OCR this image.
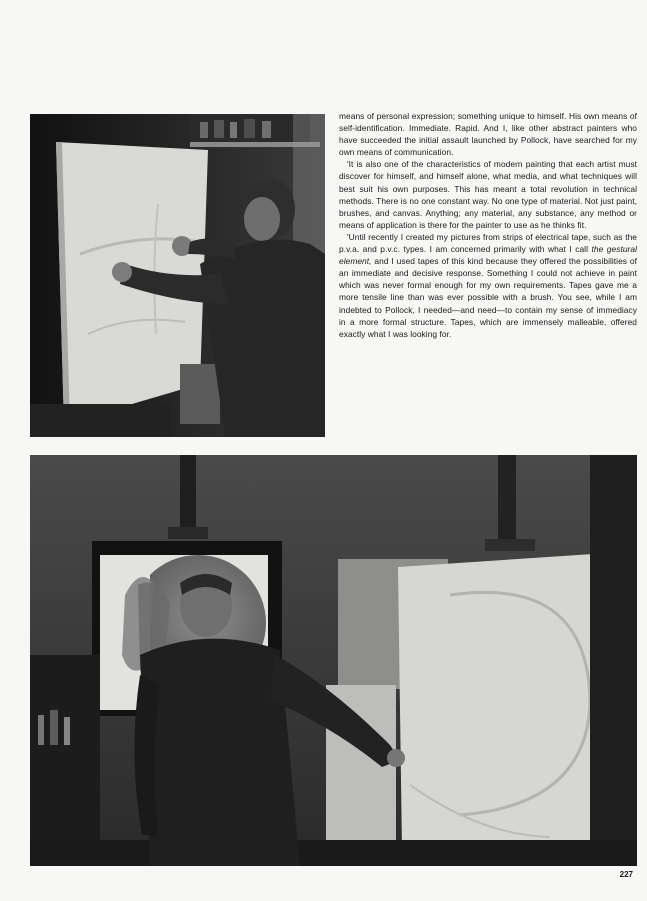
means of personal expression; something unique to himself. His own means of self-identification. Immediate. Rapid. And I, like other abstract painters who have succeeded the initial assault launched by Pollock, have searched for my own means of communication.

'It is also one of the characteristics of modern painting that each artist must discover for himself, and himself alone, what media, and what techniques will best suit his own purposes. This has meant a total revolution in technical methods. There is no one constant way. No one type of material. Not just paint, brushes, and canvas. Anything; any material, any substance, any method or means of application is there for the painter to use as he thinks fit.

'Until recently I created my pictures from strips of electrical tape, such as the p.v.a. and p.v.c. types. I am concerned primarily with what I call the gestural element, and I used tapes of this kind because they offered the possibilities of an immediate and decisive response. Something I could not achieve in paint which was never formal enough for my own requirements. Tapes gave me a more tensile line than was ever possible with a brush. You see, while I am indebted to Pollock, I needed—and need—to contain my sense of immediacy in a more formal structure. Tapes, which are immensely malleable, offered exactly what I was looking for.

227
